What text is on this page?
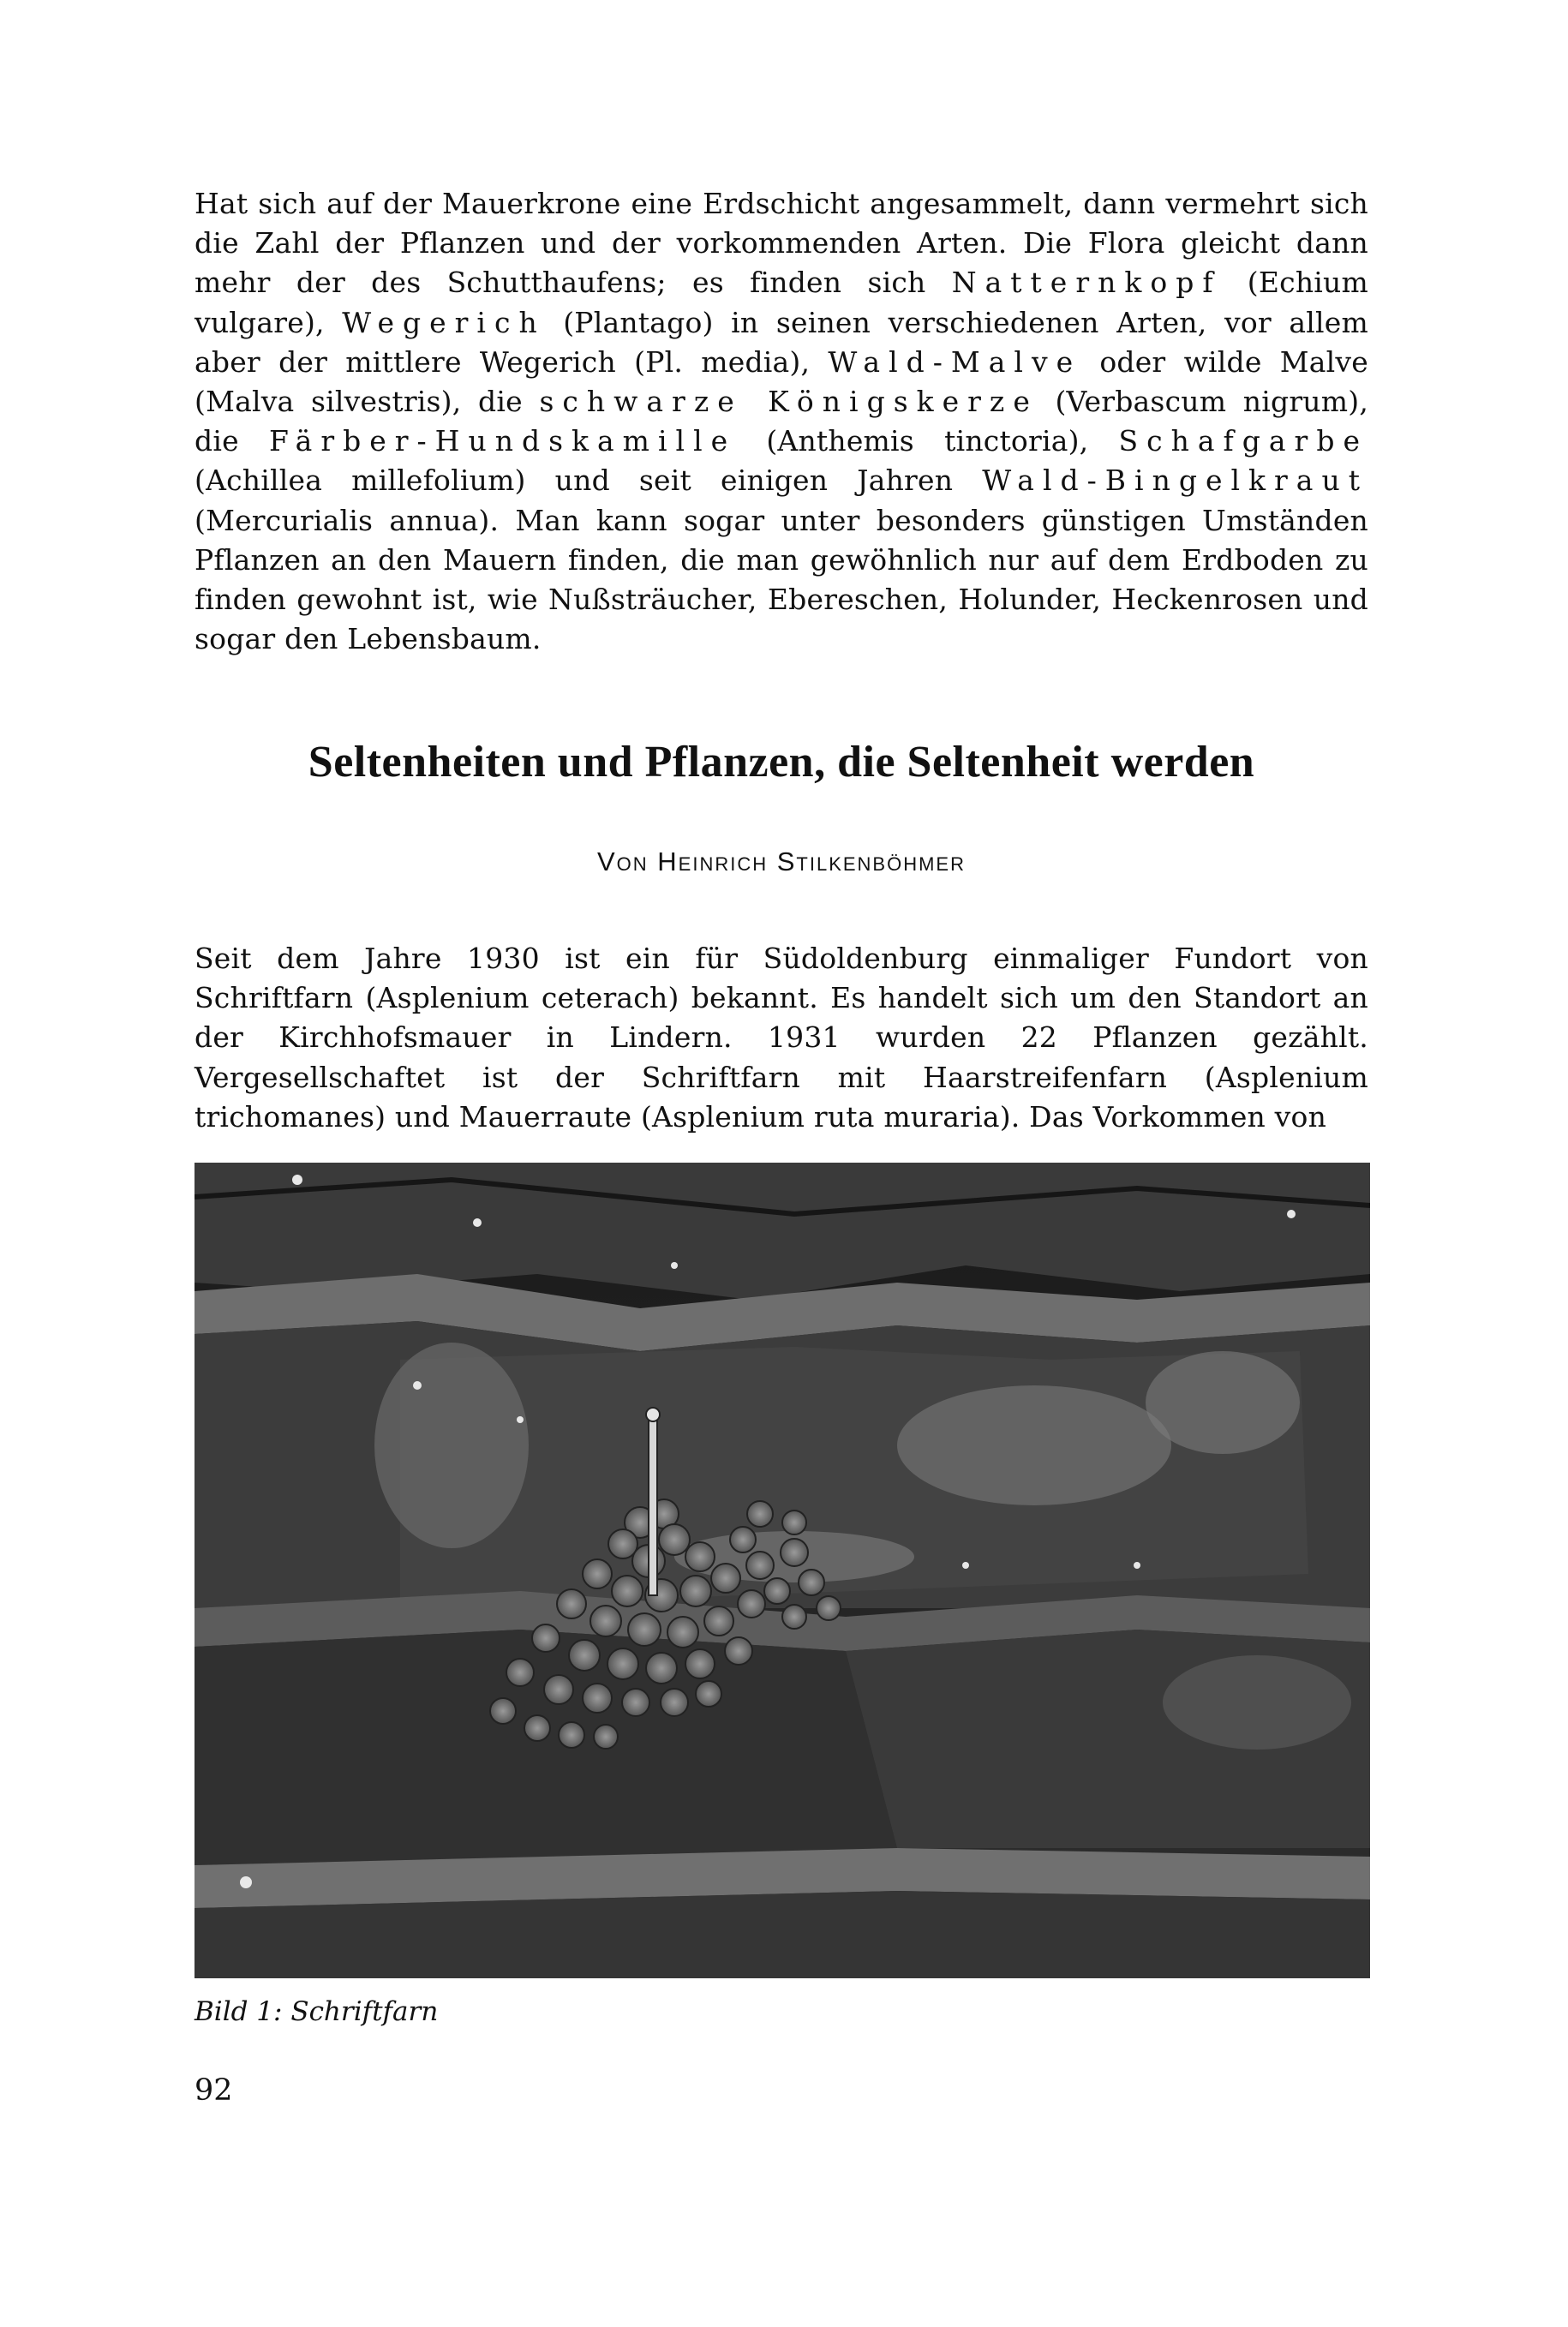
Hat sich auf der Mauerkrone eine Erdschicht angesammelt, dann vermehrt sich die Zahl der Pflanzen und der vorkommenden Arten. Die Flora gleicht dann mehr der des Schutthaufens; es finden sich Natternkopf (Echium vulgare), Wegerich (Plantago) in seinen verschiedenen Arten, vor allem aber der mittlere Wegerich (Pl. media), Wald-Malve oder wilde Malve (Malva silvestris), die schwarze Königskerze (Verbascum nigrum), die Färber-Hundskamille (Anthemis tinctoria), Schafgarbe (Achillea millefolium) und seit einigen Jahren Wald-Bingelkraut (Mercurialis annua). Man kann sogar unter besonders günstigen Umständen Pflanzen an den Mauern finden, die man gewöhnlich nur auf dem Erdboden zu finden gewohnt ist, wie Nußsträucher, Ebereschen, Holunder, Heckenrosen und sogar den Lebensbaum.

Seltenheiten und Pflanzen, die Seltenheit werden
Von Heinrich Stilkenböhmer

Seit dem Jahre 1930 ist ein für Südoldenburg einmaliger Fundort von Schriftfarn (Asplenium ceterach) bekannt. Es handelt sich um den Standort an der Kirchhofsmauer in Lindern. 1931 wurden 22 Pflanzen gezählt. Vergesellschaftet ist der Schriftfarn mit Haarstreifenfarn (Asplenium trichomanes) und Mauerraute (Asplenium ruta muraria). Das Vorkommen von

Bild 1: Schriftfarn
92
